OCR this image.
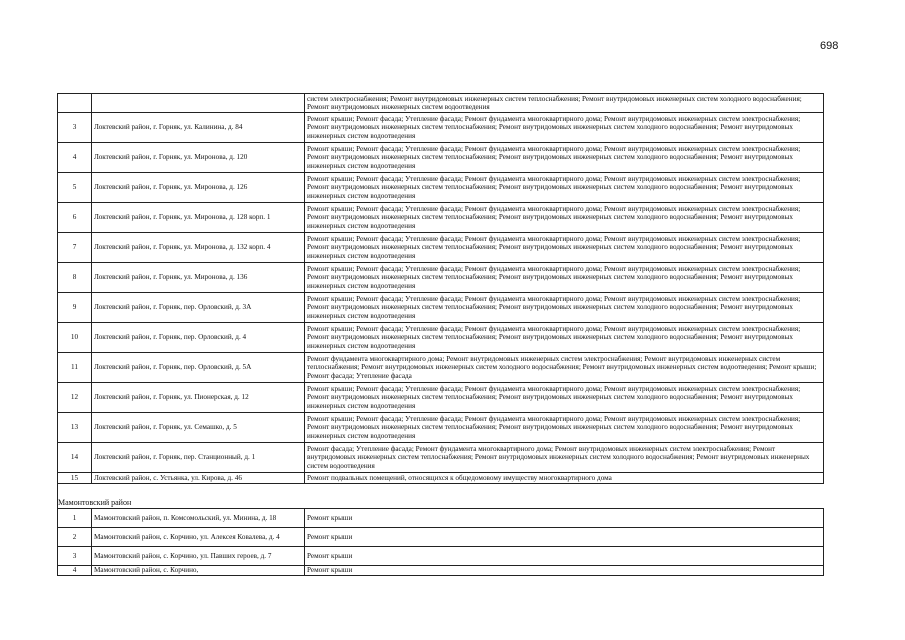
698
		систем электроснабжения; Ремонт внутридомовых инженерных систем теплоснабжения; Ремонт внутридомовых инженерных систем холодного водоснабжения; Ремонт внутридомовых инженерных систем водоотведения
3	Локтевский район, г. Горняк, ул. Калинина, д. 84	Ремонт крыши; Ремонт фасада; Утепление фасада; Ремонт фундамента многоквартирного дома; Ремонт внутридомовых инженерных систем электроснабжения; Ремонт внутридомовых инженерных систем теплоснабжения; Ремонт внутридомовых инженерных систем холодного водоснабжения; Ремонт внутридомовых инженерных систем водоотведения
4	Локтевский район, г. Горняк, ул. Миронова, д. 120	Ремонт крыши; Ремонт фасада; Утепление фасада; Ремонт фундамента многоквартирного дома; Ремонт внутридомовых инженерных систем электроснабжения; Ремонт внутридомовых инженерных систем теплоснабжения; Ремонт внутридомовых инженерных систем холодного водоснабжения; Ремонт внутридомовых инженерных систем водоотведения
5	Локтевский район, г. Горняк, ул. Миронова, д. 126	Ремонт крыши; Ремонт фасада; Утепление фасада; Ремонт фундамента многоквартирного дома; Ремонт внутридомовых инженерных систем электроснабжения; Ремонт внутридомовых инженерных систем теплоснабжения; Ремонт внутридомовых инженерных систем холодного водоснабжения; Ремонт внутридомовых инженерных систем водоотведения
6	Локтевский район, г. Горняк, ул. Миронова, д. 128 корп. 1	Ремонт крыши; Ремонт фасада; Утепление фасада; Ремонт фундамента многоквартирного дома; Ремонт внутридомовых инженерных систем электроснабжения; Ремонт внутридомовых инженерных систем теплоснабжения; Ремонт внутридомовых инженерных систем холодного водоснабжения; Ремонт внутридомовых инженерных систем водоотведения
7	Локтевский район, г. Горняк, ул. Миронова, д. 132 корп. 4	Ремонт крыши; Ремонт фасада; Утепление фасада; Ремонт фундамента многоквартирного дома; Ремонт внутридомовых инженерных систем электроснабжения; Ремонт внутридомовых инженерных систем теплоснабжения; Ремонт внутридомовых инженерных систем холодного водоснабжения; Ремонт внутридомовых инженерных систем водоотведения
8	Локтевский район, г. Горняк, ул. Миронова, д. 136	Ремонт крыши; Ремонт фасада; Утепление фасада; Ремонт фундамента многоквартирного дома; Ремонт внутридомовых инженерных систем электроснабжения; Ремонт внутридомовых инженерных систем теплоснабжения; Ремонт внутридомовых инженерных систем холодного водоснабжения; Ремонт внутридомовых инженерных систем водоотведения
9	Локтевский район, г. Горняк, пер. Орловский, д. 3А	Ремонт крыши; Ремонт фасада; Утепление фасада; Ремонт фундамента многоквартирного дома; Ремонт внутридомовых инженерных систем электроснабжения; Ремонт внутридомовых инженерных систем теплоснабжения; Ремонт внутридомовых инженерных систем холодного водоснабжения; Ремонт внутридомовых инженерных систем водоотведения
10	Локтевский район, г. Горняк, пер. Орловский, д. 4	Ремонт крыши; Ремонт фасада; Утепление фасада; Ремонт фундамента многоквартирного дома; Ремонт внутридомовых инженерных систем электроснабжения; Ремонт внутридомовых инженерных систем теплоснабжения; Ремонт внутридомовых инженерных систем холодного водоснабжения; Ремонт внутридомовых инженерных систем водоотведения
11	Локтевский район, г. Горняк, пер. Орловский, д. 5А	Ремонт фундамента многоквартирного дома; Ремонт внутридомовых инженерных систем электроснабжения; Ремонт внутридомовых инженерных систем теплоснабжения; Ремонт внутридомовых инженерных систем холодного водоснабжения; Ремонт внутридомовых инженерных систем водоотведения; Ремонт крыши; Ремонт фасада; Утепление фасада
12	Локтевский район, г. Горняк, ул. Пионерская, д. 12	Ремонт крыши; Ремонт фасада; Утепление фасада; Ремонт фундамента многоквартирного дома; Ремонт внутридомовых инженерных систем электроснабжения; Ремонт внутридомовых инженерных систем теплоснабжения; Ремонт внутридомовых инженерных систем холодного водоснабжения; Ремонт внутридомовых инженерных систем водоотведения
13	Локтевский район, г. Горняк, ул. Семашко, д. 5	Ремонт крыши; Ремонт фасада; Утепление фасада; Ремонт фундамента многоквартирного дома; Ремонт внутридомовых инженерных систем электроснабжения; Ремонт внутридомовых инженерных систем теплоснабжения; Ремонт внутридомовых инженерных систем холодного водоснабжения; Ремонт внутридомовых инженерных систем водоотведения
14	Локтевский район, г. Горняк, пер. Станционный, д. 1	Ремонт фасада; Утепление фасада; Ремонт фундамента многоквартирного дома; Ремонт внутридомовых инженерных систем электроснабжения; Ремонт внутридомовых инженерных систем теплоснабжения; Ремонт внутридомовых инженерных систем холодного водоснабжения; Ремонт внутридомовых инженерных систем водоотведения
15	Локтевский район, с. Устьянка, ул. Кирова, д. 46	Ремонт подвальных помещений, относящихся к общедомовому имуществу многоквартирного дома
Мамонтовский район		
1	Мамонтовский район, п. Комсомольский, ул. Минина, д. 18	Ремонт крыши
2	Мамонтовский район, с. Корчино, ул. Алексея Ковалева, д. 4	Ремонт крыши
3	Мамонтовский район, с. Корчино, ул. Павших героев, д. 7	Ремонт крыши
4	Мамонтовский район, с. Корчино,	Ремонт крыши
